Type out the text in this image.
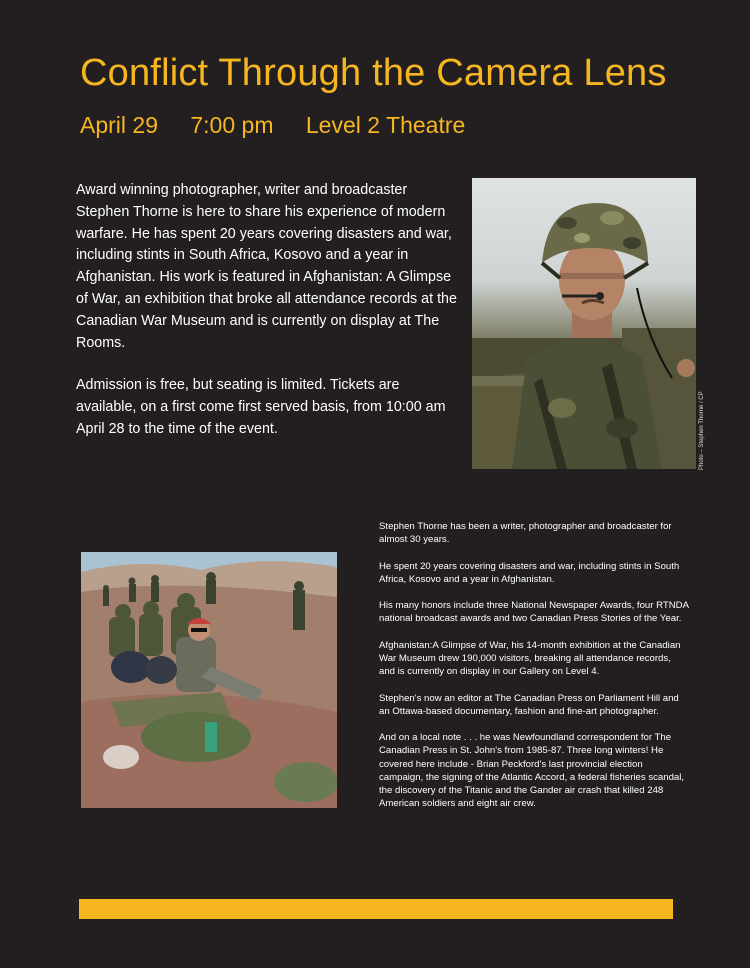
Conflict Through the Camera Lens
April 29 7:00 pm Level 2 Theatre

Award winning photographer, writer and broadcaster Stephen Thorne is here to share his experience of modern warfare. He has spent 20 years covering disasters and war, including stints in South Africa, Kosovo and a year in Afghanistan. His work is featured in Afghanistan: A Glimpse of War, an exhibition that broke all attendance records at the Canadian War Museum and is currently on display at The Rooms.

Admission is free, but seating is limited. Tickets are available, on a first come first served basis, from 10:00 am April 28 to the time of the event.	Photo – Stephen Thorne / CP

Stephen Thorne has been a writer, photographer and broadcaster for almost 30 years.

He spent 20 years covering disasters and war, including stints in South Africa, Kosovo and a year in Afghanistan.

His many honors include three National Newspaper Awards, four RTNDA national broadcast awards and two Canadian Press Stories of the Year.

Afghanistan:A Glimpse of War, his 14-month exhibition at the Canadian War Museum drew 190,000 visitors, breaking all attendance records, and is currently on display in our Gallery on Level 4.

Stephen's now an editor at The Canadian Press on Parliament Hill and an Ottawa-based documentary, fashion and fine-art photographer.

And on a local note . . . he was Newfoundland correspondent for The Canadian Press in St. John's from 1985-87. Three long winters! He covered here include - Brian Peckford's last provincial election campaign, the signing of the Atlantic Accord, a federal fisheries scandal, the discovery of the Titanic and the Gander air crash that killed 248 American soldiers and eight air crew.
